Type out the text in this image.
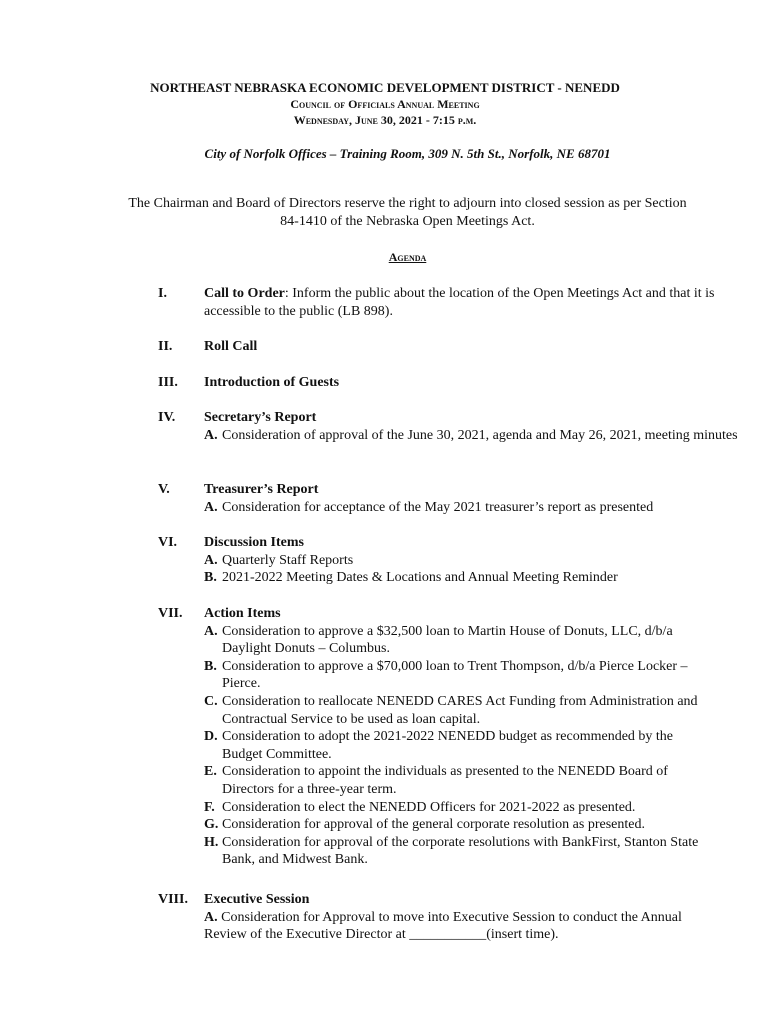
NORTHEAST NEBRASKA ECONOMIC DEVELOPMENT DISTRICT - NENEDD
Council of Officials Annual Meeting
Wednesday, June 30, 2021 - 7:15 p.m.
City of Norfolk Offices – Training Room, 309 N. 5th St., Norfolk, NE 68701
The Chairman and Board of Directors reserve the right to adjourn into closed session as per Section 84-1410 of the Nebraska Open Meetings Act.
Agenda
I.	Call to Order: Inform the public about the location of the Open Meetings Act and that it is accessible to the public (LB 898).
II. Roll Call
III. Introduction of Guests
IV. Secretary’s Report
A. Consideration of approval of the June 30, 2021, agenda and May 26, 2021, meeting minutes
V. Treasurer’s Report
A. Consideration for acceptance of the May 2021 treasurer’s report as presented
VI. Discussion Items
A. Quarterly Staff Reports
B. 2021-2022 Meeting Dates & Locations and Annual Meeting Reminder
VII. Action Items
A. Consideration to approve a $32,500 loan to Martin House of Donuts, LLC, d/b/a Daylight Donuts – Columbus.
B. Consideration to approve a $70,000 loan to Trent Thompson, d/b/a Pierce Locker – Pierce.
C. Consideration to reallocate NENEDD CARES Act Funding from Administration and Contractual Service to be used as loan capital.
D. Consideration to adopt the 2021-2022 NENEDD budget as recommended by the Budget Committee.
E. Consideration to appoint the individuals as presented to the NENEDD Board of Directors for a three-year term.
F. Consideration to elect the NENEDD Officers for 2021-2022 as presented.
G. Consideration for approval of the general corporate resolution as presented.
H. Consideration for approval of the corporate resolutions with BankFirst, Stanton State Bank, and Midwest Bank.
VIII. Executive Session
A. Consideration for Approval to move into Executive Session to conduct the Annual Review of the Executive Director at ___________(insert time).
